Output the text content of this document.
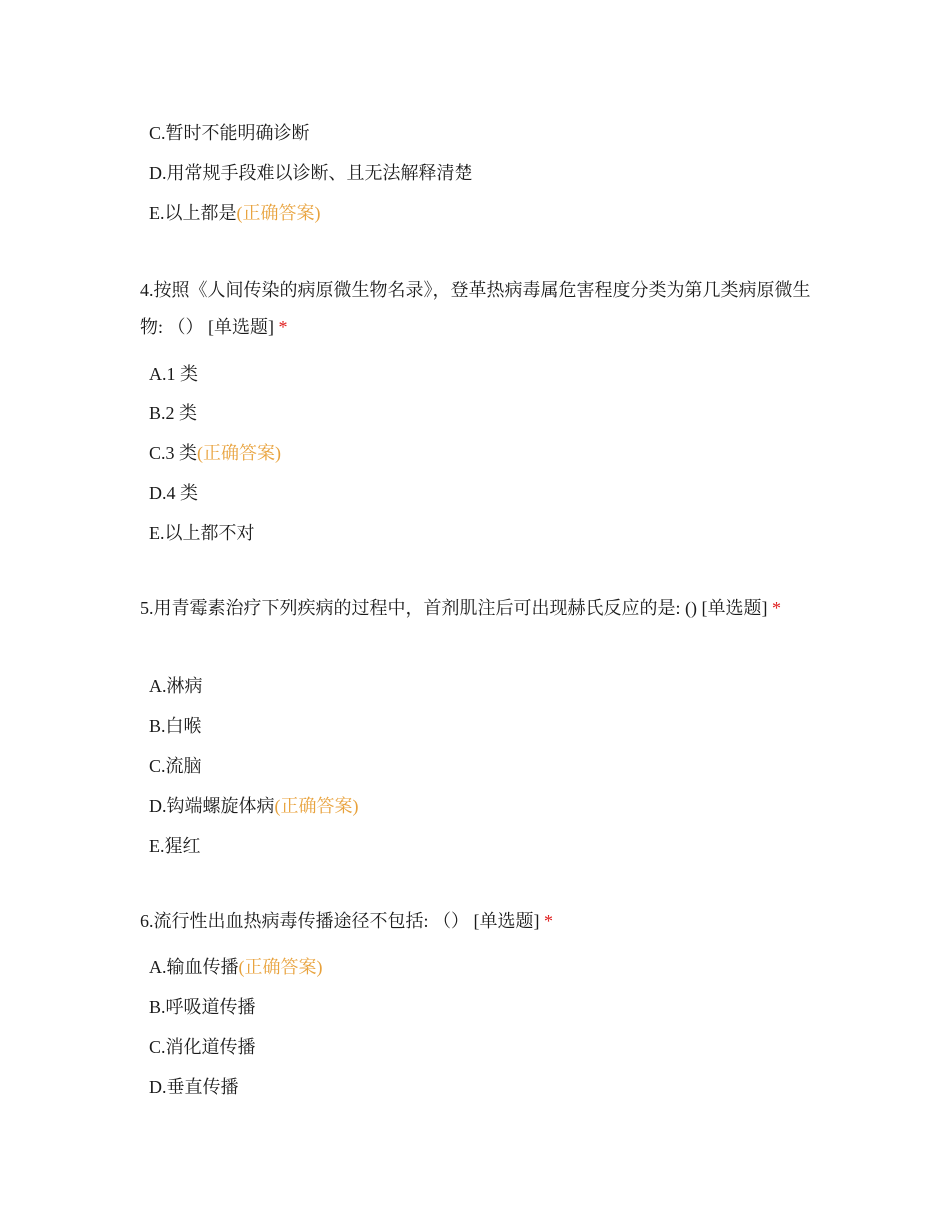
C.暂时不能明确诊断
D.用常规手段难以诊断、且无法解释清楚
E.以上都是(正确答案)
4.按照《人间传染的病原微生物名录》，登革热病毒属危害程度分类为第几类病原微生物: （） [单选题] *
A.1 类
B.2 类
C.3 类(正确答案)
D.4 类
E.以上都不对
5.用青霉素治疗下列疾病的过程中，首剂肌注后可出现赫氏反应的是: () [单选题] *
A.淋病
B.白喉
C.流脑
D.钩端螺旋体病(正确答案)
E.猩红
6.流行性出血热病毒传播途径不包括: （） [单选题] *
A.输血传播(正确答案)
B.呼吸道传播
C.消化道传播
D.垂直传播
